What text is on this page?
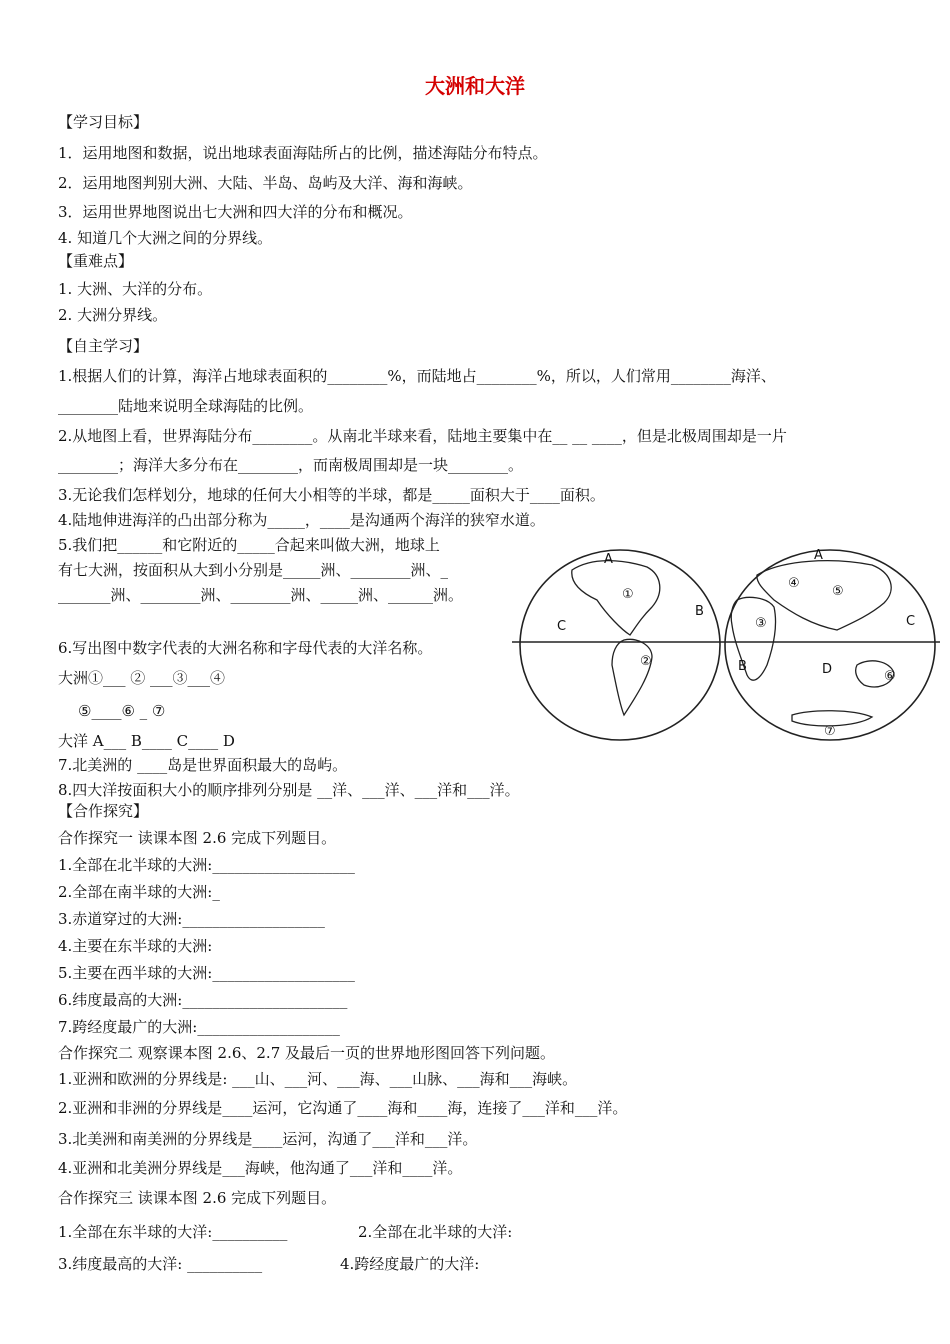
大洲和大洋
【学习目标】
1．运用地图和数据，说出地球表面海陆所占的比例，描述海陆分布特点。
2．运用地图判别大洲、大陆、半岛、岛屿及大洋、海和海峡。
3．运用世界地图说出七大洲和四大洋的分布和概况。
4. 知道几个大洲之间的分界线。
【重难点】
1. 大洲、大洋的分布。
2. 大洲分界线。
【自主学习】
1.根据人们的计算，海洋占地球表面积的________%，而陆地占________%，所以，人们常用________海洋、
________陆地来说明全球海陆的比例。
2.从地图上看，世界海陆分布________。从南北半球来看，陆地主要集中在__ __ ____，但是北极周围却是一片
________；海洋大多分布在________，而南极周围却是一块________。
3.无论我们怎样划分，地球的任何大小相等的半球，都是_____面积大于____面积。
4.陆地伸进海洋的凸出部分称为_____，____是沟通两个海洋的狭窄水道。
5.我们把______和它附近的_____合起来叫做大洲，地球上
有七大洲，按面积从大到小分别是_____洲、________洲、_
_______洲、________洲、________洲、_____洲、______洲。
6.写出图中数字代表的大洲名称和字母代表的大洋名称。
大洲①___ ② ___③___④
⑤____⑥ _ ⑦
大洋 A___ B____ C____ D
7.北美洲的 ____岛是世界面积最大的岛屿。
8.四大洋按面积大小的顺序排列分别是 __洋、___洋、___洋和___洋。
A
B
C
A
C
B	D
①
②
③
④
⑤
⑥
⑦
【合作探究】
合作探究一 读课本图 2.6 完成下列题目。
1.全部在北半球的大洲:___________________
2.全部在南半球的大洲:_
3.赤道穿过的大洲:___________________
4.主要在东半球的大洲:
5.主要在西半球的大洲:___________________
6.纬度最高的大洲:______________________
7.跨经度最广的大洲:___________________
合作探究二 观察课本图 2.6、2.7 及最后一页的世界地形图回答下列问题。
1.亚洲和欧洲的分界线是: ___山、___河、___海、___山脉、___海和___海峡。
2.亚洲和非洲的分界线是____运河，它沟通了____海和____海，连接了___洋和___洋。
3.北美洲和南美洲的分界线是____运河，沟通了___洋和___洋。
4.亚洲和北美洲分界线是___海峡，他沟通了___洋和____洋。
合作探究三 读课本图 2.6 完成下列题目。
1.全部在东半球的大洋:__________	2.全部在北半球的大洋:
3.纬度最高的大洋: __________	4.跨经度最广的大洋:
